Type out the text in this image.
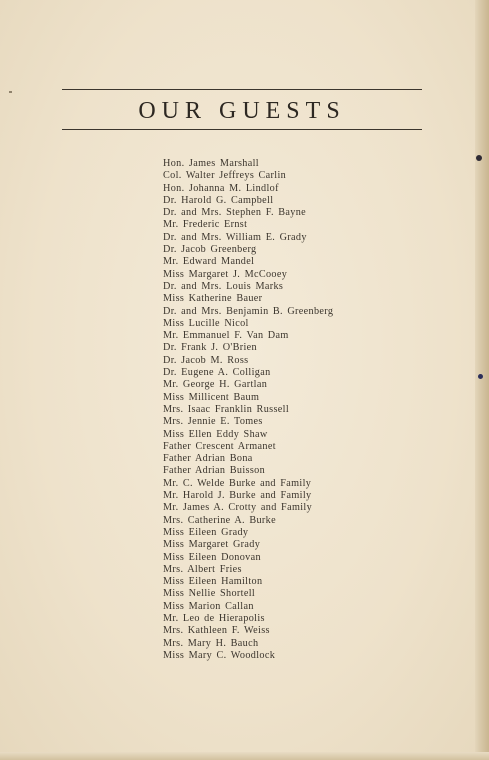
OUR GUESTS
Hon. James Marshall
Col. Walter Jeffreys Carlin
Hon. Johanna M. Lindlof
Dr. Harold G. Campbell
Dr. and Mrs. Stephen F. Bayne
Mr. Frederic Ernst
Dr. and Mrs. William E. Grady
Dr. Jacob Greenberg
Mr. Edward Mandel
Miss Margaret J. McCooey
Dr. and Mrs. Louis Marks
Miss Katherine Bauer
Dr. and Mrs. Benjamin B. Greenberg
Miss Lucille Nicol
Mr. Emmanuel F. Van Dam
Dr. Frank J. O'Brien
Dr. Jacob M. Ross
Dr. Eugene A. Colligan
Mr. George H. Gartlan
Miss Millicent Baum
Mrs. Isaac Franklin Russell
Mrs. Jennie E. Tomes
Miss Ellen Eddy Shaw
Father Crescent Armanet
Father Adrian Bona
Father Adrian Buisson
Mr. C. Welde Burke and Family
Mr. Harold J. Burke and Family
Mr. James A. Crotty and Family
Mrs. Catherine A. Burke
Miss Eileen Grady
Miss Margaret Grady
Miss Eileen Donovan
Mrs. Albert Fries
Miss Eileen Hamilton
Miss Nellie Shortell
Miss Marion Callan
Mr. Leo de Hierapolis
Mrs. Kathleen F. Weiss
Mrs. Mary H. Bauch
Miss Mary C. Woodlock
